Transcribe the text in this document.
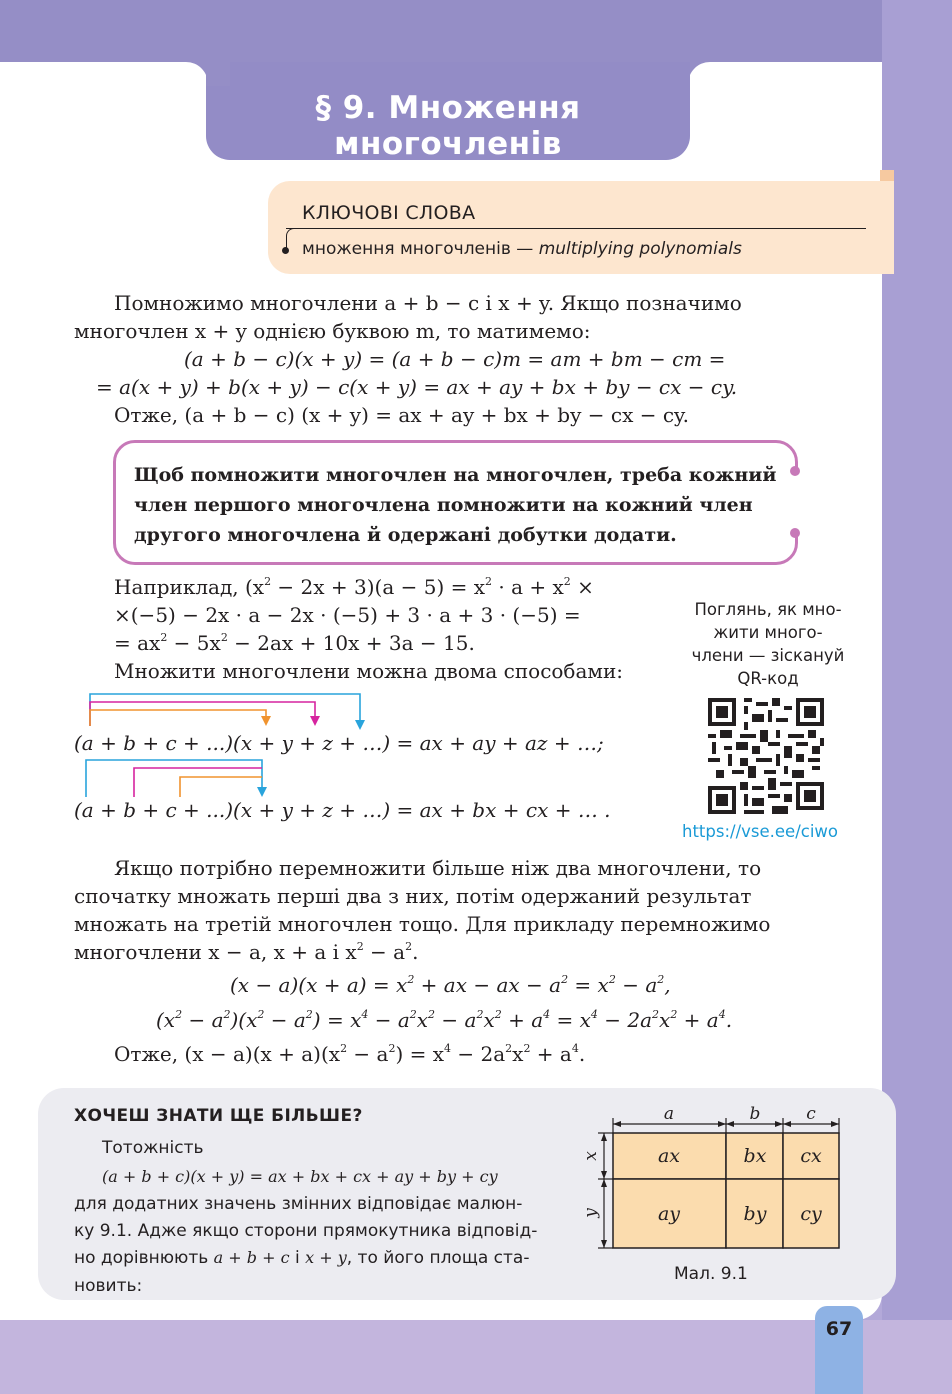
§ 9. Множення многочленів
КЛЮЧОВІ СЛОВА
множення многочленів — multiplying polynomials
Помножимо многочлени a + b − c і x + y. Якщо позначимо
многочлен x + y однією буквою m, то матимемо:
(a + b − c)(x + y) = (a + b − c)m = am + bm − cm =
= a(x + y) + b(x + y) − c(x + y) = ax + ay + bx + by − cx − cy.
Отже, (a + b − c) (x + y) = ax + ay + bx + by − cx − cy.
Щоб помножити многочлен на многочлен, треба кожний
член першого многочлена помножити на кожний член
другого многочлена й одержані добутки додати.
Наприклад, $(x^2 - 2x + 3)(a - 5) = x^2 \cdot a + x^2$ ×
×(−5) − 2x · a − 2x · (−5) + 3 · a + 3 · (−5) =
= $ax^2 - 5x^2 - 2ax + 10x + 3a - 15$.
Множити многочлени можна двома способами:
(a + b + c + ...)(x + y + z + …) = ax + ay + az + …;
(a + b + c + ...)(x + y + z + …) = ax + bx + cx + … .
Поглянь, як мно-
жити много-
члени — зіскануй
QR-код
https://vse.ee/ciwo
Якщо потрібно перемножити більше ніж два многочлени, то
спочатку множать перші два з них, потім одержаний результат
множать на третій многочлен тощо. Для прикладу перемножимо
многочлени x − a, x + a і $x^2 - a^2$.
$(x - a)(x + a) = x^2$ + ax − ax − $a^2 = x^2 - a^2$,
$(x^2 - a^2)(x^2 - a^2) = x^4 - a^2x^2 - a^2x^2 + a^4 = x^4 - 2a^2x^2 + a^4$.
Отже, $(x - a)(x + a)(x^2 - a^2) = x^4 - 2a^2x^2 + a^4$.
ХОЧЕШ ЗНАТИ ЩЕ БІЛЬШЕ?
Тотожність
(a + b + c)(x + y) = ax + bx + cx + ay + by + cy
для додатних значень змінних відповідає малюн-
ку 9.1. Адже якщо сторони прямокутника відповід-
но дорівнюють a + b + c і x + y, то його площа ста-
новить:
a	b	c
x
y
ax	bx cx
ay	by cy
Мал. 9.1
67
